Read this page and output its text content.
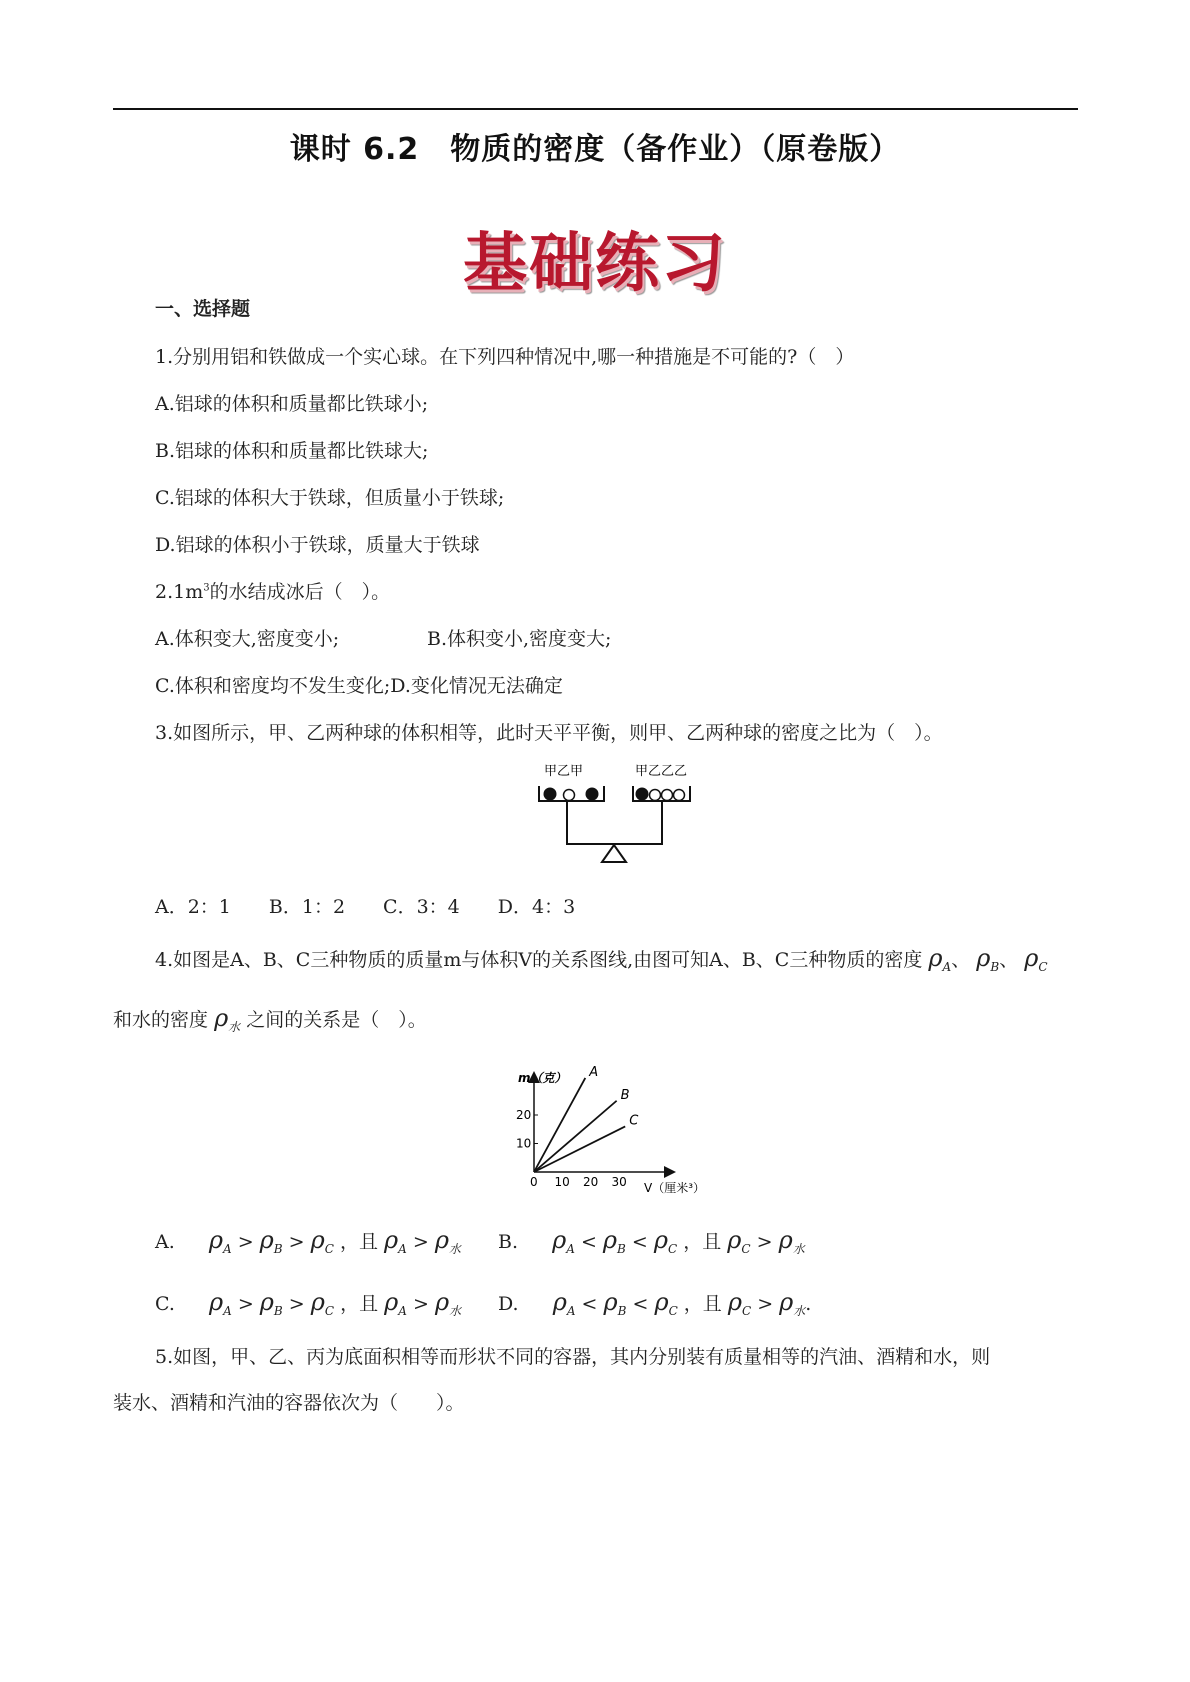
课时 6.2　物质的密度（备作业）（原卷版）
基础练习
一、选择题
1.分别用铝和铁做成一个实心球。在下列四种情况中,哪一种措施是不可能的?（　）
A.铝球的体积和质量都比铁球小;
B.铝球的体积和质量都比铁球大;
C.铝球的体积大于铁球，但质量小于铁球;
D.铝球的体积小于铁球，质量大于铁球
$2.1m^3$的水结成冰后（　）。
A.体积变大,密度变小;	B.体积变小,密度变大;
C.体积和密度均不发生变化;D.变化情况无法确定
3.如图所示，甲、乙两种球的体积相等，此时天平平衡，则甲、乙两种球的密度之比为（　）。
甲乙甲	甲乙乙乙
A．2：1　　B．1：2　　C．3：4　　D．4：3
4.如图是A、B、C三种物质的质量m与体积V的关系图线,由图可知A、B、C三种物质的密度 $\rho_A$、 $\rho_B$、 $\rho_C$
和水的密度 $\rho_水$ 之间的关系是（　）。
0 10 20 30
10
20
A
B
C
m（克）
V（厘米³）
A. $\rho_A > \rho_B > \rho_C$ ，且 $\rho_A > \rho_水$ B. $\rho_A < \rho_B < \rho_C$ ，且 $\rho_C > \rho_水$
C. $\rho_A > \rho_B > \rho_C$ ，且 $\rho_A > \rho_水$ D. $\rho_A < \rho_B < \rho_C$ ，且 $\rho_C > \rho_水$.
5.如图，甲、乙、丙为底面积相等而形状不同的容器，其内分别装有质量相等的汽油、酒精和水，则
装水、酒精和汽油的容器依次为（　　）。
